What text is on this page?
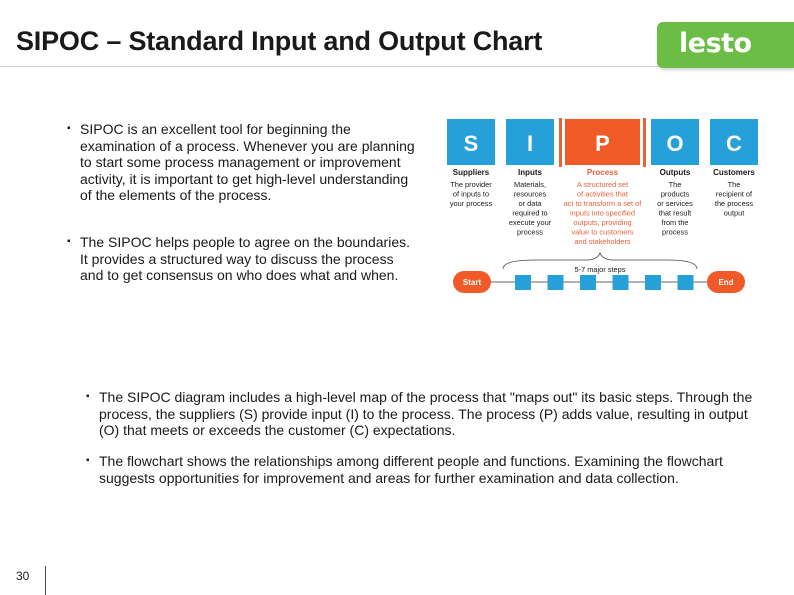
SIPOC – Standard Input and Output Chart	lesto
▪ SIPOC is an excellent tool for beginning the examination of a process. Whenever you are planning to start some process management or improvement activity, it is important to get high-level understanding of the elements of the process.
▪ The SIPOC helps people to agree on the boundaries. It provides a structured way to discuss the process and to get consensus on who does what and when.
S
Suppliers
The provider
of inputs to
your process
I
Inputs
Materials,
resources
or data
required to
execute your
process
P
Process
A structured set
of activities that
act to transform a set of
inputs into specified
outputs, providing
value to customers
and stakeholders
O
Outputs
The
products
or services
that result
from the
process
C
Customers
The
recipient of
the process
output
5-7 major steps
Start	End
▪ The SIPOC diagram includes a high-level map of the process that "maps out" its basic steps. Through the process, the suppliers (S) provide input (I) to the process. The process (P) adds value, resulting in output (O) that meets or exceeds the customer (C) expectations.
▪ The flowchart shows the relationships among different people and functions. Examining the flowchart suggests opportunities for improvement and areas for further examination and data collection.
30
